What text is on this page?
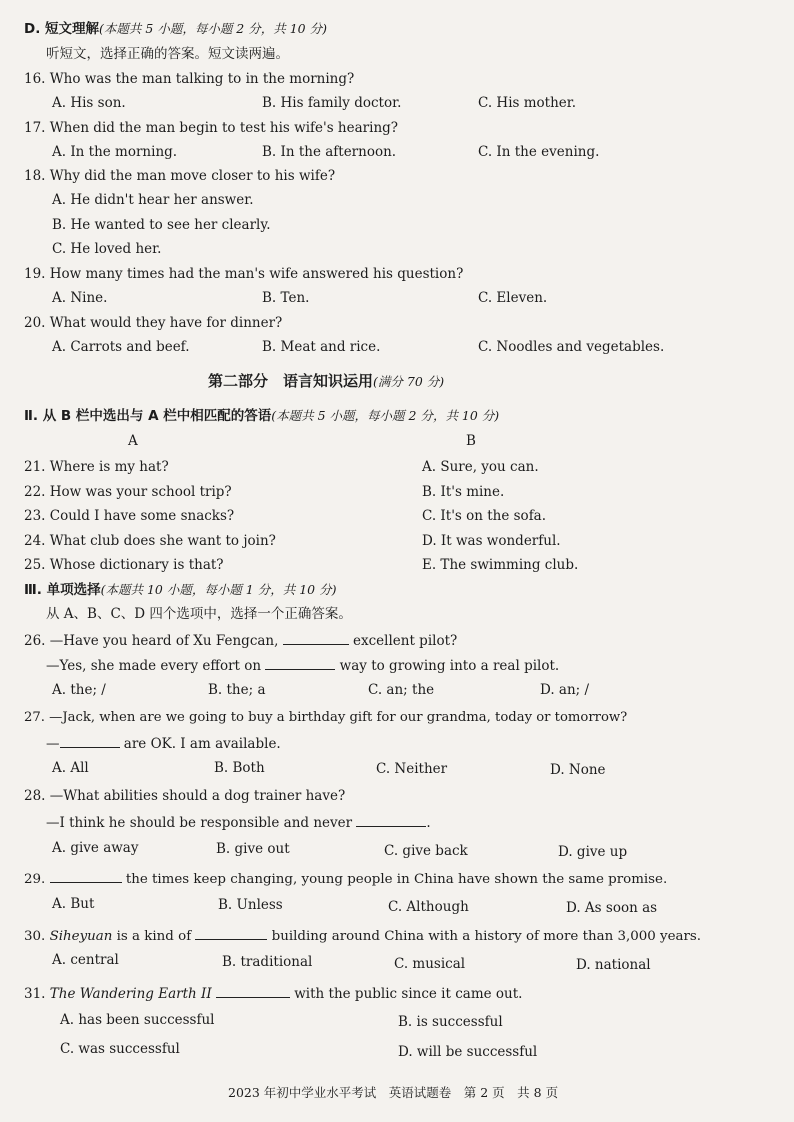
D. 短文理解(本题共 5 小题，每小题 2 分，共 10 分)
听短文，选择正确的答案。短文读两遍。
16. Who was the man talking to in the morning?
A. His son.	B. His family doctor.	C. His mother.
17. When did the man begin to test his wife's hearing?
A. In the morning.	B. In the afternoon.	C. In the evening.
18. Why did the man move closer to his wife?
A. He didn't hear her answer.
B. He wanted to see her clearly.
C. He loved her.
19. How many times had the man's wife answered his question?
A. Nine.	B. Ten.	C. Eleven.
20. What would they have for dinner?
A. Carrots and beef.	B. Meat and rice.	C. Noodles and vegetables.
第二部分　语言知识运用(满分 70 分)
Ⅱ. 从 B 栏中选出与 A 栏中相匹配的答语(本题共 5 小题，每小题 2 分，共 10 分)
A	B
21. Where is my hat?	A. Sure, you can.
22. How was your school trip?	B. It's mine.
23. Could I have some snacks?	C. It's on the sofa.
24. What club does she want to join?	D. It was wonderful.
25. Whose dictionary is that?	E. The swimming club.
Ⅲ. 单项选择(本题共 10 小题，每小题 1 分，共 10 分)
从 A、B、C、D 四个选项中，选择一个正确答案。
26. —Have you heard of Xu Fengcan,	excellent pilot?
—Yes, she made every effort on	way to growing into a real pilot.
A. the; /	B. the; a	C. an; the	D. an; /
27. —Jack, when are we going to buy a birthday gift for our grandma, today or tomorrow?
—	are OK. I am available.
A. All	B. Both	C. Neither	D. None
28. —What abilities should a dog trainer have?
—I think he should be responsible and never	.
A. give away	B. give out	C. give back	D. give up
29.	the times keep changing, young people in China have shown the same promise.
A. But	B. Unless	C. Although	D. As soon as
30. Siheyuan is a kind of	building around China with a history of more than 3,000 years.
A. central	B. traditional	C. musical	D. national
31. The Wandering Earth II	with the public since it came out.
A. has been successful	B. is successful
C. was successful	D. will be successful
2023 年初中学业水平考试　英语试题卷　第 2 页　共 8 页
